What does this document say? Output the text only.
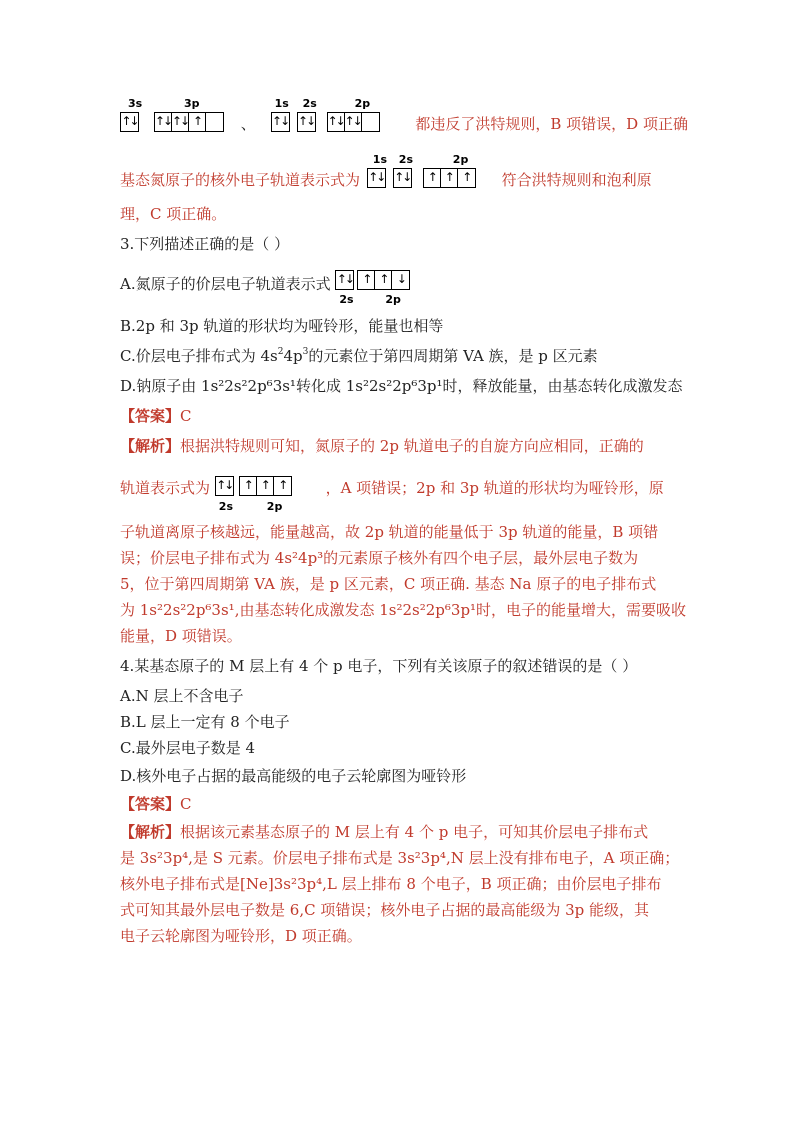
3s	3p
↑↓ ↑↓ ↑↓ ↑	、
1s 2s	2p
↑↓ ↑↓ ↑↓ ↑↓	都违反了洪特规则，B 项错误，D 项正确
基态氮原子的核外电子轨道表示式为
1s 2s	2p
↑↓ ↑↓	↑ ↑ ↑ 符合洪特规则和泡利原
理，C 项正确。
3.下列描述正确的是（ ）
A.氮原子的价层电子轨道表示式 ↑↓ ↑ ↑ ↓
2s	2p
B.2p 和 3p 轨道的形状均为哑铃形，能量也相等
C.价层电子排布式为 $4s^24p^3$的元素位于第四周期第 VA 族，是 p 区元素
D.钠原子由 1s²2s²2p⁶3s¹转化成 1s²2s²2p⁶3p¹时，释放能量，由基态转化成激发态
【答案】C
【解析】根据洪特规则可知，氮原子的 2p 轨道电子的自旋方向应相同，正确的
轨道表示式为 ↑↓ ↑ ↑ ↑
2s	2p
，A 项错误；2p 和 3p 轨道的形状均为哑铃形，原
子轨道离原子核越远，能量越高，故 2p 轨道的能量低于 3p 轨道的能量，B 项错
误；价层电子排布式为 4s²4p³的元素原子核外有四个电子层，最外层电子数为
5，位于第四周期第 VA 族，是 p 区元素，C 项正确. 基态 Na 原子的电子排布式
为 1s²2s²2p⁶3s¹,由基态转化成激发态 1s²2s²2p⁶3p¹时，电子的能量增大，需要吸收
能量，D 项错误。
4.某基态原子的 M 层上有 4 个 p 电子，下列有关该原子的叙述错误的是（ ）
A.N 层上不含电子
B.L 层上一定有 8 个电子
C.最外层电子数是 4
D.核外电子占据的最高能级的电子云轮廓图为哑铃形
【答案】C
【解析】根据该元素基态原子的 M 层上有 4 个 p 电子，可知其价层电子排布式
是 3s²3p⁴,是 S 元素。价层电子排布式是 3s²3p⁴,N 层上没有排布电子，A 项正确；
核外电子排布式是[Ne]3s²3p⁴,L 层上排布 8 个电子，B 项正确；由价层电子排布
式可知其最外层电子数是 6,C 项错误；核外电子占据的最高能级为 3p 能级，其
电子云轮廓图为哑铃形，D 项正确。
